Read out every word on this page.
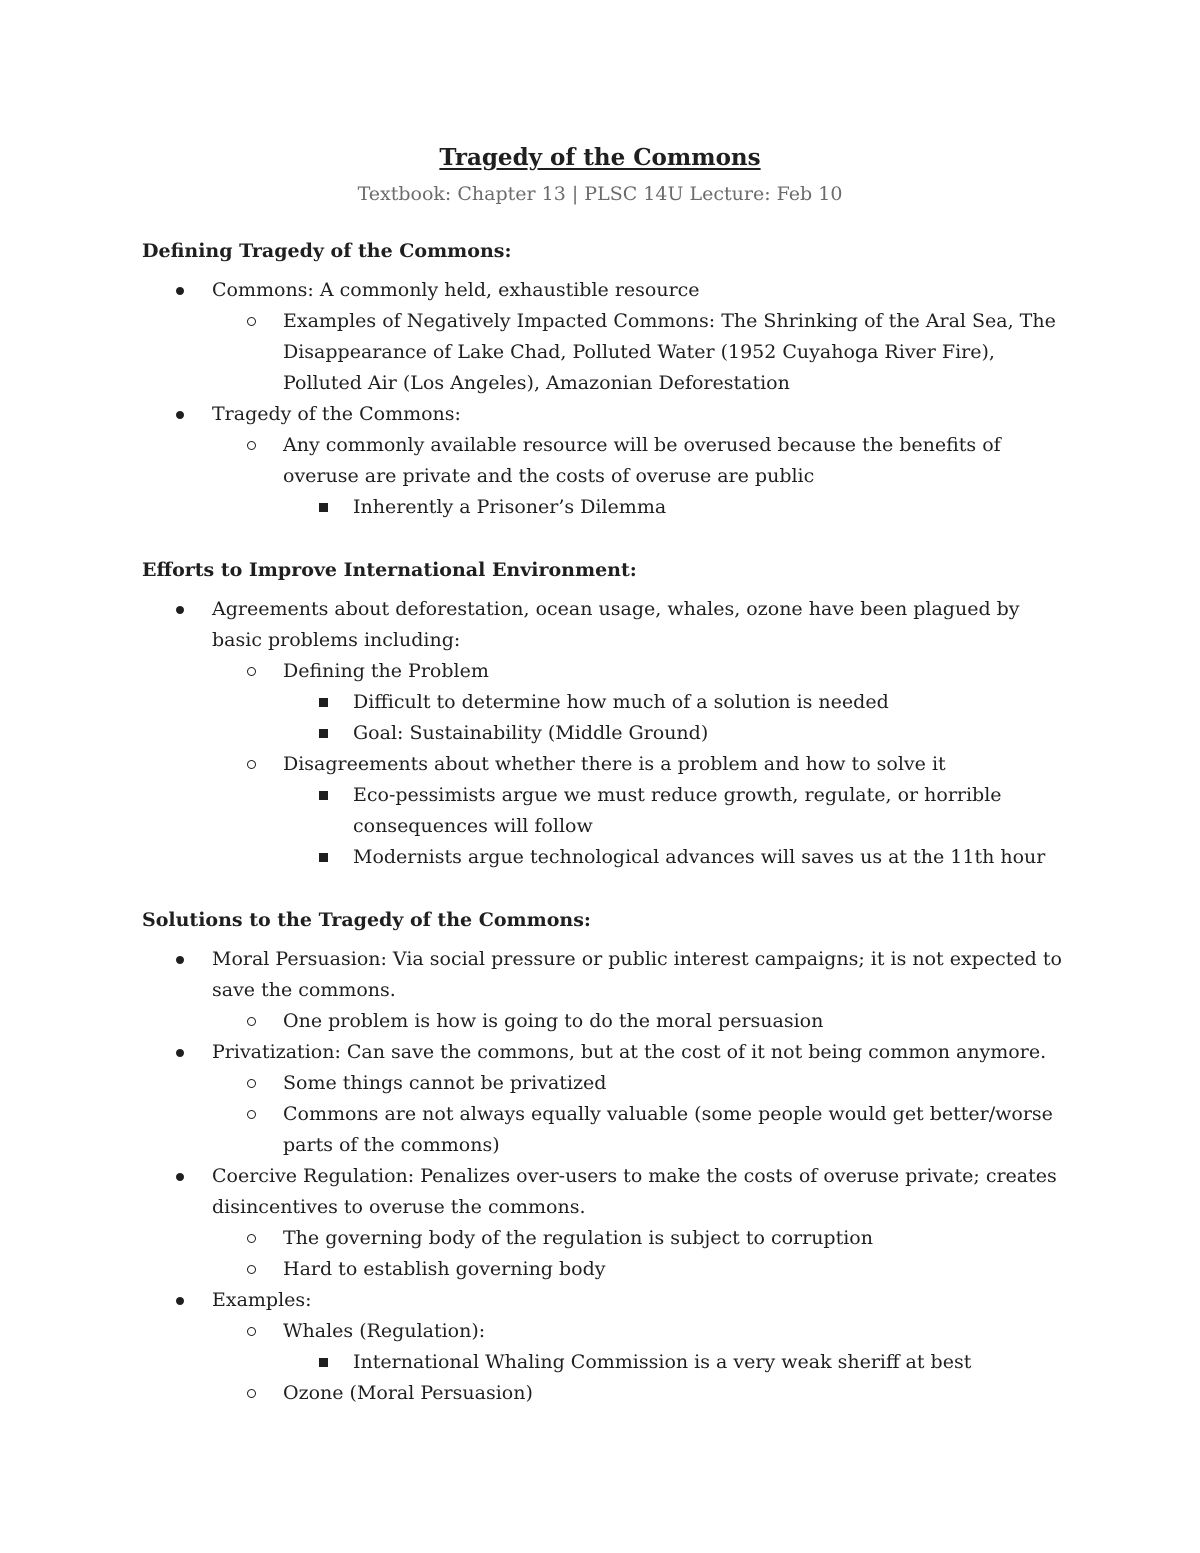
Tragedy of the Commons
Textbook: Chapter 13 | PLSC 14U Lecture: Feb 10
Defining Tragedy of the Commons:
Commons: A commonly held, exhaustible resource
Examples of Negatively Impacted Commons: The Shrinking of the Aral Sea, The Disappearance of Lake Chad, Polluted Water (1952 Cuyahoga River Fire), Polluted Air (Los Angeles), Amazonian Deforestation
Tragedy of the Commons:
Any commonly available resource will be overused because the benefits of overuse are private and the costs of overuse are public
Inherently a Prisoner’s Dilemma
Efforts to Improve International Environment:
Agreements about deforestation, ocean usage, whales, ozone have been plagued by basic problems including:
Defining the Problem
Difficult to determine how much of a solution is needed
Goal: Sustainability (Middle Ground)
Disagreements about whether there is a problem and how to solve it
Eco-pessimists argue we must reduce growth, regulate, or horrible consequences will follow
Modernists argue technological advances will saves us at the 11th hour
Solutions to the Tragedy of the Commons:
Moral Persuasion: Via social pressure or public interest campaigns; it is not expected to save the commons.
One problem is how is going to do the moral persuasion
Privatization: Can save the commons, but at the cost of it not being common anymore.
Some things cannot be privatized
Commons are not always equally valuable (some people would get better/worse parts of the commons)
Coercive Regulation: Penalizes over-users to make the costs of overuse private; creates disincentives to overuse the commons.
The governing body of the regulation is subject to corruption
Hard to establish governing body
Examples:
Whales (Regulation):
International Whaling Commission is a very weak sheriff at best
Ozone (Moral Persuasion)
